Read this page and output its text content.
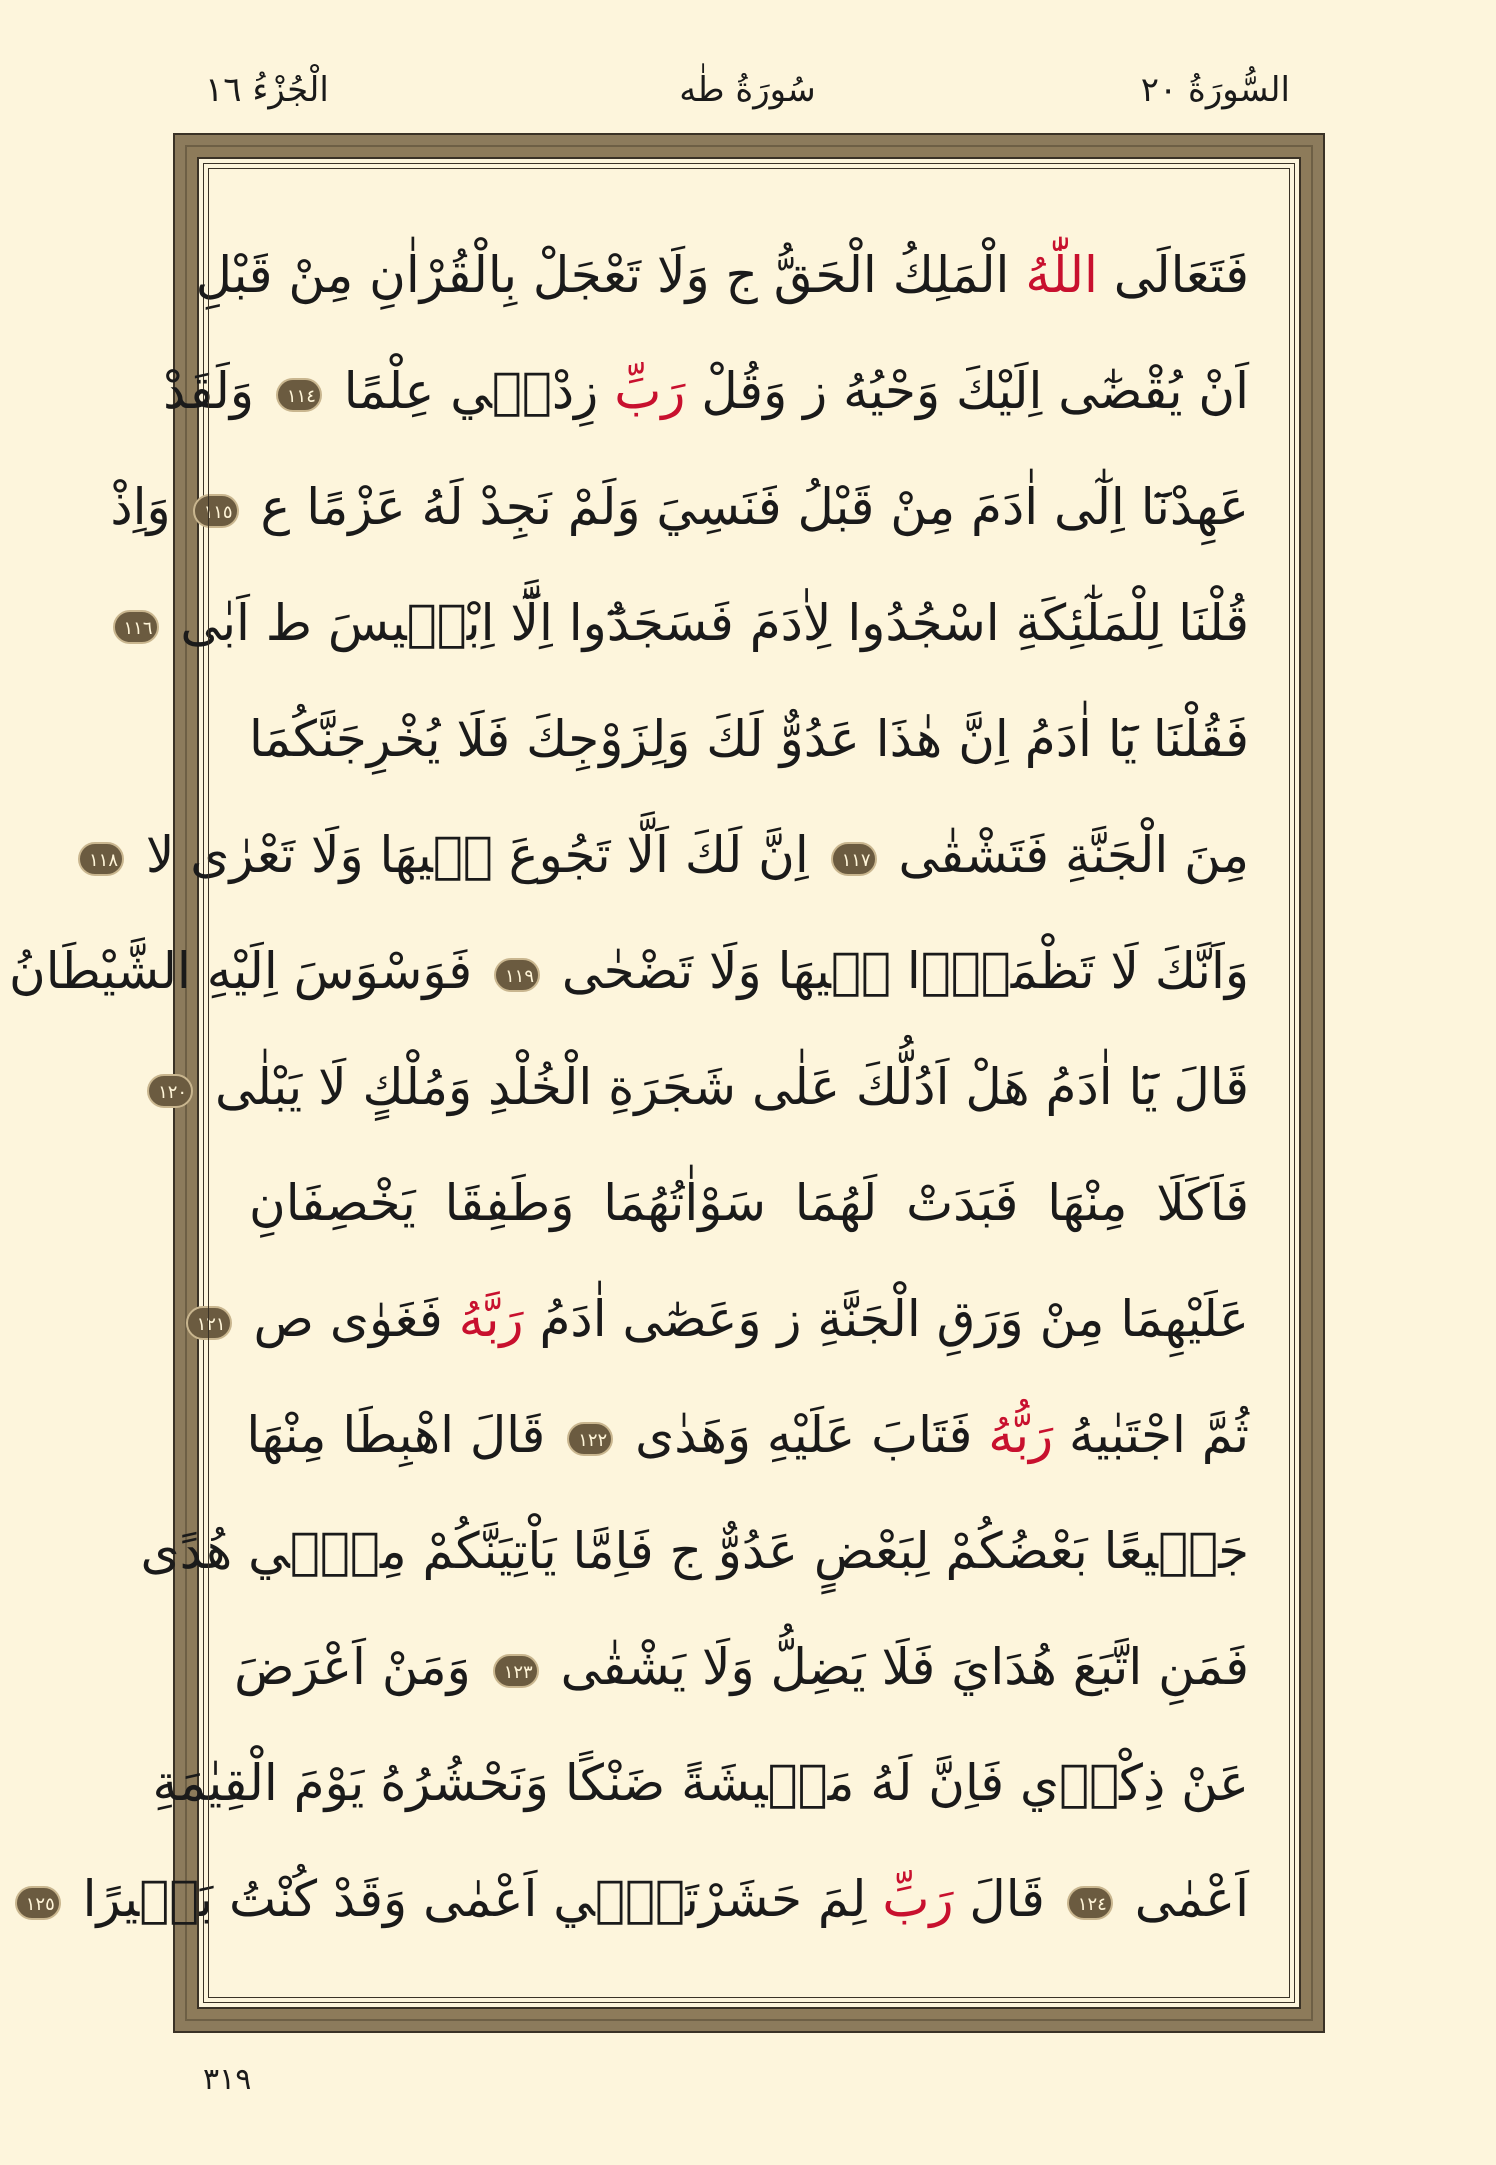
السُّورَةُ ٢٠
سُورَةُ طٰه
الْجُزْءُ ١٦
فَتَعَالَى اللّٰهُ الْمَلِكُ الْحَقُّ ج وَلَا تَعْجَلْ بِالْقُرْاٰنِ مِنْ قَبْلِ
اَنْ يُقْضٰٓى اِلَيْكَ وَحْيُهُ ز وَقُلْ رَبِّ زِدْن۪ي عِلْمًا ١١٤ وَلَقَدْ
عَهِدْنَٓا اِلٰٓى اٰدَمَ مِنْ قَبْلُ فَنَسِيَ وَلَمْ نَجِدْ لَهُ عَزْمًا ع ١١٥ وَاِذْ
قُلْنَا لِلْمَلٰٓئِكَةِ اسْجُدُوا لِاٰدَمَ فَسَجَدُٓوا اِلَّٓا اِبْل۪يسَ ط اَبٰى ١١٦
فَقُلْنَا يَٓا اٰدَمُ اِنَّ هٰذَا عَدُوٌّ لَكَ وَلِزَوْجِكَ فَلَا يُخْرِجَنَّكُمَا
مِنَ الْجَنَّةِ فَتَشْقٰى ١١٧ اِنَّ لَكَ اَلَّا تَجُوعَ ف۪يهَا وَلَا تَعْرٰى لا ١١٨
وَاَنَّكَ لَا تَظْمَؤُ۬ا ف۪يهَا وَلَا تَضْحٰى ١١٩ فَوَسْوَسَ اِلَيْهِ الشَّيْطَانُ
قَالَ يَٓا اٰدَمُ هَلْ اَدُلُّكَ عَلٰى شَجَرَةِ الْخُلْدِ وَمُلْكٍ لَا يَبْلٰى ١٢٠
فَاَكَلَا مِنْهَا فَبَدَتْ لَهُمَا سَوْاٰتُهُمَا وَطَفِقَا يَخْصِفَانِ
عَلَيْهِمَا مِنْ وَرَقِ الْجَنَّةِ ز وَعَصٰٓى اٰدَمُ رَبَّهُ فَغَوٰى ص ١٢١
ثُمَّ اجْتَبٰيهُ رَبُّهُ فَتَابَ عَلَيْهِ وَهَدٰى ١٢٢ قَالَ اهْبِطَا مِنْهَا
جَم۪يعًا بَعْضُكُمْ لِبَعْضٍ عَدُوٌّ ج فَاِمَّا يَاْتِيَنَّكُمْ مِنّ۪ي هُدًى
فَمَنِ اتَّبَعَ هُدَايَ فَلَا يَضِلُّ وَلَا يَشْقٰى ١٢٣ وَمَنْ اَعْرَضَ
عَنْ ذِكْر۪ي فَاِنَّ لَهُ مَع۪يشَةً ضَنْكًا وَنَحْشُرُهُ يَوْمَ الْقِيٰمَةِ
اَعْمٰى ١٢٤ قَالَ رَبِّ لِمَ حَشَرْتَن۪ٓي اَعْمٰى وَقَدْ كُنْتُ بَص۪يرًا ١٢٥
٣١٩
